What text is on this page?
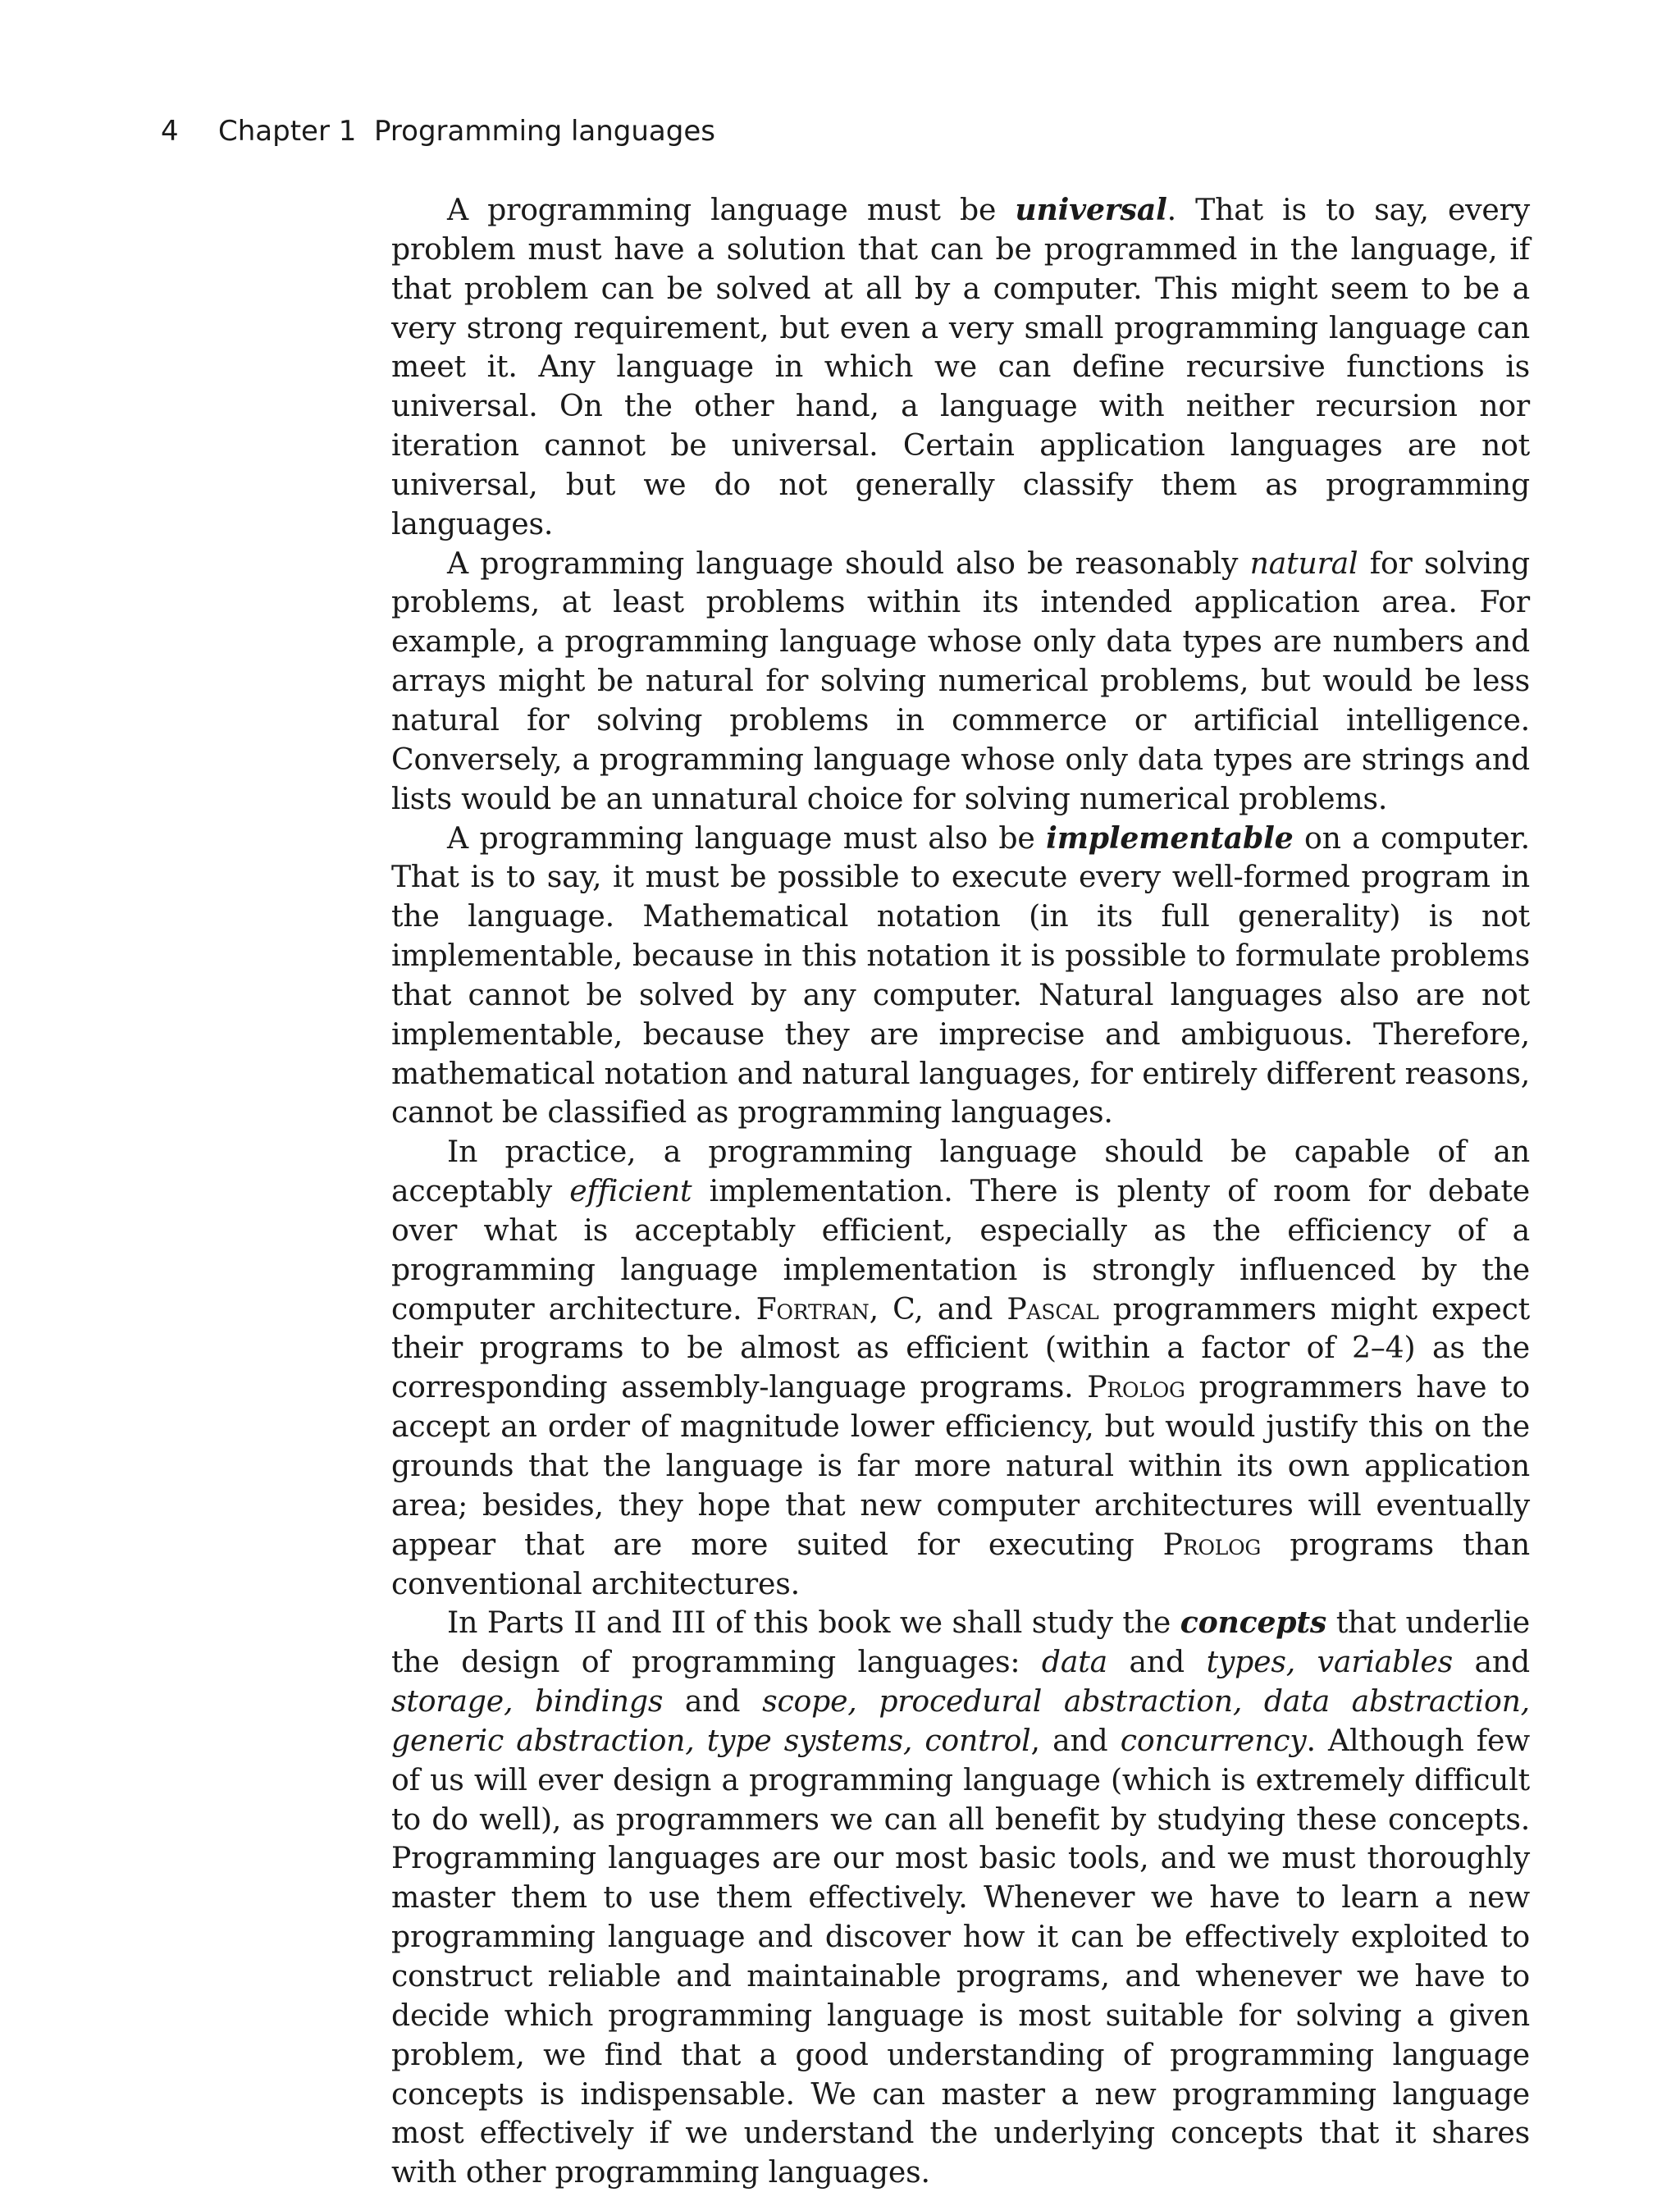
4 Chapter 1 Programming languages

A programming language must be universal. That is to say, every problem must have a solution that can be programmed in the language, if that problem can be solved at all by a computer. This might seem to be a very strong requirement, but even a very small programming language can meet it. Any language in which we can define recursive functions is universal. On the other hand, a language with neither recursion nor iteration cannot be universal. Certain application languages are not universal, but we do not generally classify them as programming languages.

A programming language should also be reasonably natural for solving problems, at least problems within its intended application area. For example, a programming language whose only data types are numbers and arrays might be natural for solving numerical problems, but would be less natural for solving problems in commerce or artificial intelligence. Conversely, a programming language whose only data types are strings and lists would be an unnatural choice for solving numerical problems.

A programming language must also be implementable on a computer. That is to say, it must be possible to execute every well-formed program in the language. Mathematical notation (in its full generality) is not implementable, because in this notation it is possible to formulate problems that cannot be solved by any computer. Natural languages also are not implementable, because they are imprecise and ambiguous. Therefore, mathematical notation and natural languages, for entirely different reasons, cannot be classified as programming languages.

In practice, a programming language should be capable of an acceptably efficient implementation. There is plenty of room for debate over what is acceptably efficient, especially as the efficiency of a programming language implementation is strongly influenced by the computer architecture. Fortran, C, and Pascal programmers might expect their programs to be almost as efficient (within a factor of 2–4) as the corresponding assembly-language programs. Prolog programmers have to accept an order of magnitude lower efficiency, but would justify this on the grounds that the language is far more natural within its own application area; besides, they hope that new computer architectures will eventually appear that are more suited for executing Prolog programs than conventional architectures.

In Parts II and III of this book we shall study the concepts that underlie the design of programming languages: data and types, variables and storage, bindings and scope, procedural abstraction, data abstraction, generic abstraction, type systems, control, and concurrency. Although few of us will ever design a programming language (which is extremely difficult to do well), as programmers we can all benefit by studying these concepts. Programming languages are our most basic tools, and we must thoroughly master them to use them effectively. Whenever we have to learn a new programming language and discover how it can be effectively exploited to construct reliable and maintainable programs, and whenever we have to decide which programming language is most suitable for solving a given problem, we find that a good understanding of programming language concepts is indispensable. We can master a new programming language most effectively if we understand the underlying concepts that it shares with other programming languages.
